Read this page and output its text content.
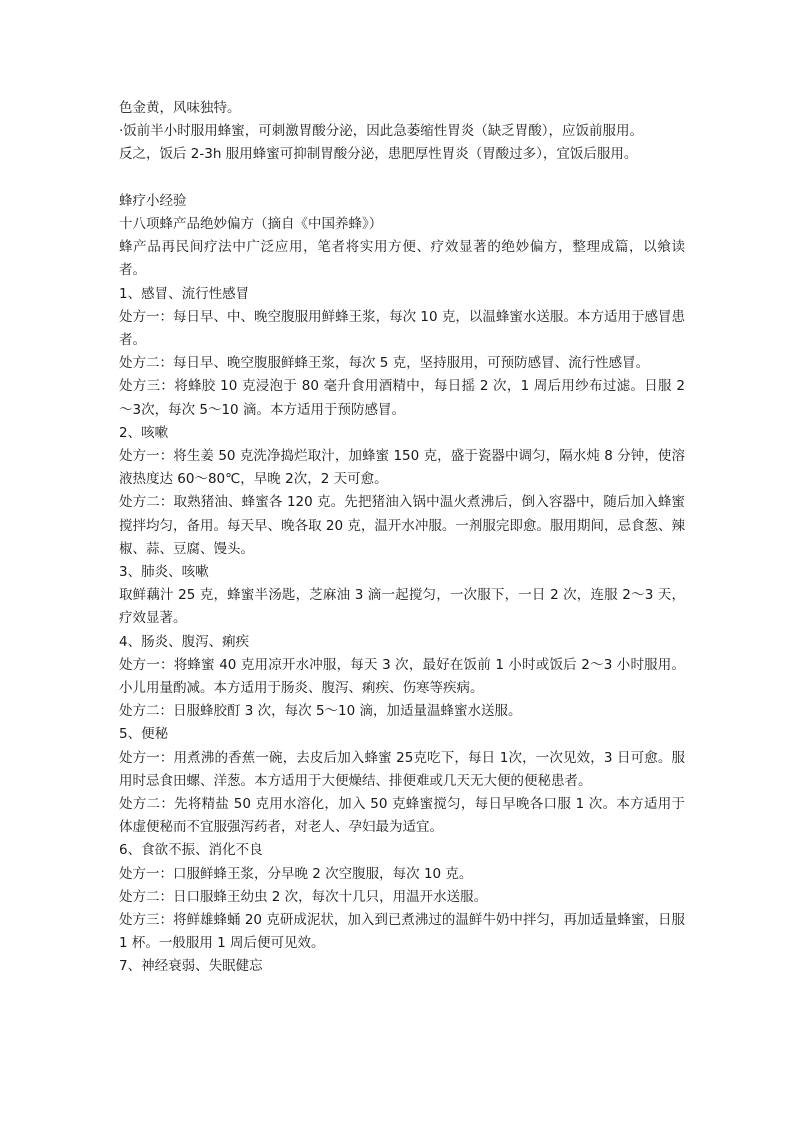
色金黄，风味独特。
·饭前半小时服用蜂蜜，可刺激胃酸分泌，因此急萎缩性胃炎（缺乏胃酸），应饭前服用。
反之，饭后 2-3h 服用蜂蜜可抑制胃酸分泌，患肥厚性胃炎（胃酸过多），宜饭后服用。
蜂疗小经验
十八项蜂产品绝妙偏方（摘自《中国养蜂》）
蜂产品再民间疗法中广泛应用，笔者将实用方便、疗效显著的绝妙偏方，整理成篇，以飨读者。
1、感冒、流行性感冒
处方一：每日早、中、晚空腹服用鲜蜂王浆，每次 10 克，以温蜂蜜水送服。本方适用于感冒患者。
处方二：每日早、晚空腹服鲜蜂王浆，每次 5 克，坚持服用，可预防感冒、流行性感冒。
处方三：将蜂胶 10 克浸泡于 80 毫升食用酒精中，每日摇 2 次，1 周后用纱布过滤。日服 2～3次，每次 5～10 滴。本方适用于预防感冒。
2、咳嗽
处方一：将生姜 50 克洗净捣烂取汁，加蜂蜜 150 克，盛于瓷器中调匀，隔水炖 8 分钟，使溶液热度达 60～80℃，早晚 2次，2 天可愈。
处方二：取熟猪油、蜂蜜各 120 克。先把猪油入锅中温火煮沸后，倒入容器中，随后加入蜂蜜搅拌均匀，备用。每天早、晚各取 20 克，温开水冲服。一剂服完即愈。服用期间，忌食葱、辣椒、蒜、豆腐、馒头。
3、肺炎、咳嗽
取鲜藕汁 25 克，蜂蜜半汤匙，芝麻油 3 滴一起搅匀，一次服下，一日 2 次，连服 2～3 天，疗效显著。
4、肠炎、腹泻、痢疾
处方一：将蜂蜜 40 克用凉开水冲服，每天 3 次，最好在饭前 1 小时或饭后 2～3 小时服用。小儿用量酌减。本方适用于肠炎、腹泻、痢疾、伤寒等疾病。
处方二：日服蜂胶酊 3 次，每次 5～10 滴，加适量温蜂蜜水送服。
5、便秘
处方一：用煮沸的香蕉一碗，去皮后加入蜂蜜 25克吃下，每日 1次，一次见效，3 日可愈。服用时忌食田螺、洋葱。本方适用于大便燥结、排便难或几天无大便的便秘患者。
处方二：先将精盐 50 克用水溶化，加入 50 克蜂蜜搅匀，每日早晚各口服 1 次。本方适用于体虚便秘而不宜服强泻药者，对老人、孕妇最为适宜。
6、食欲不振、消化不良
处方一：口服鲜蜂王浆，分早晚 2 次空腹服，每次 10 克。
处方二：日口服蜂王幼虫 2 次，每次十几只，用温开水送服。
处方三：将鲜雄蜂蛹 20 克研成泥状，加入到已煮沸过的温鲜牛奶中拌匀，再加适量蜂蜜，日服 1 杯。一般服用 1 周后便可见效。
7、神经衰弱、失眠健忘
